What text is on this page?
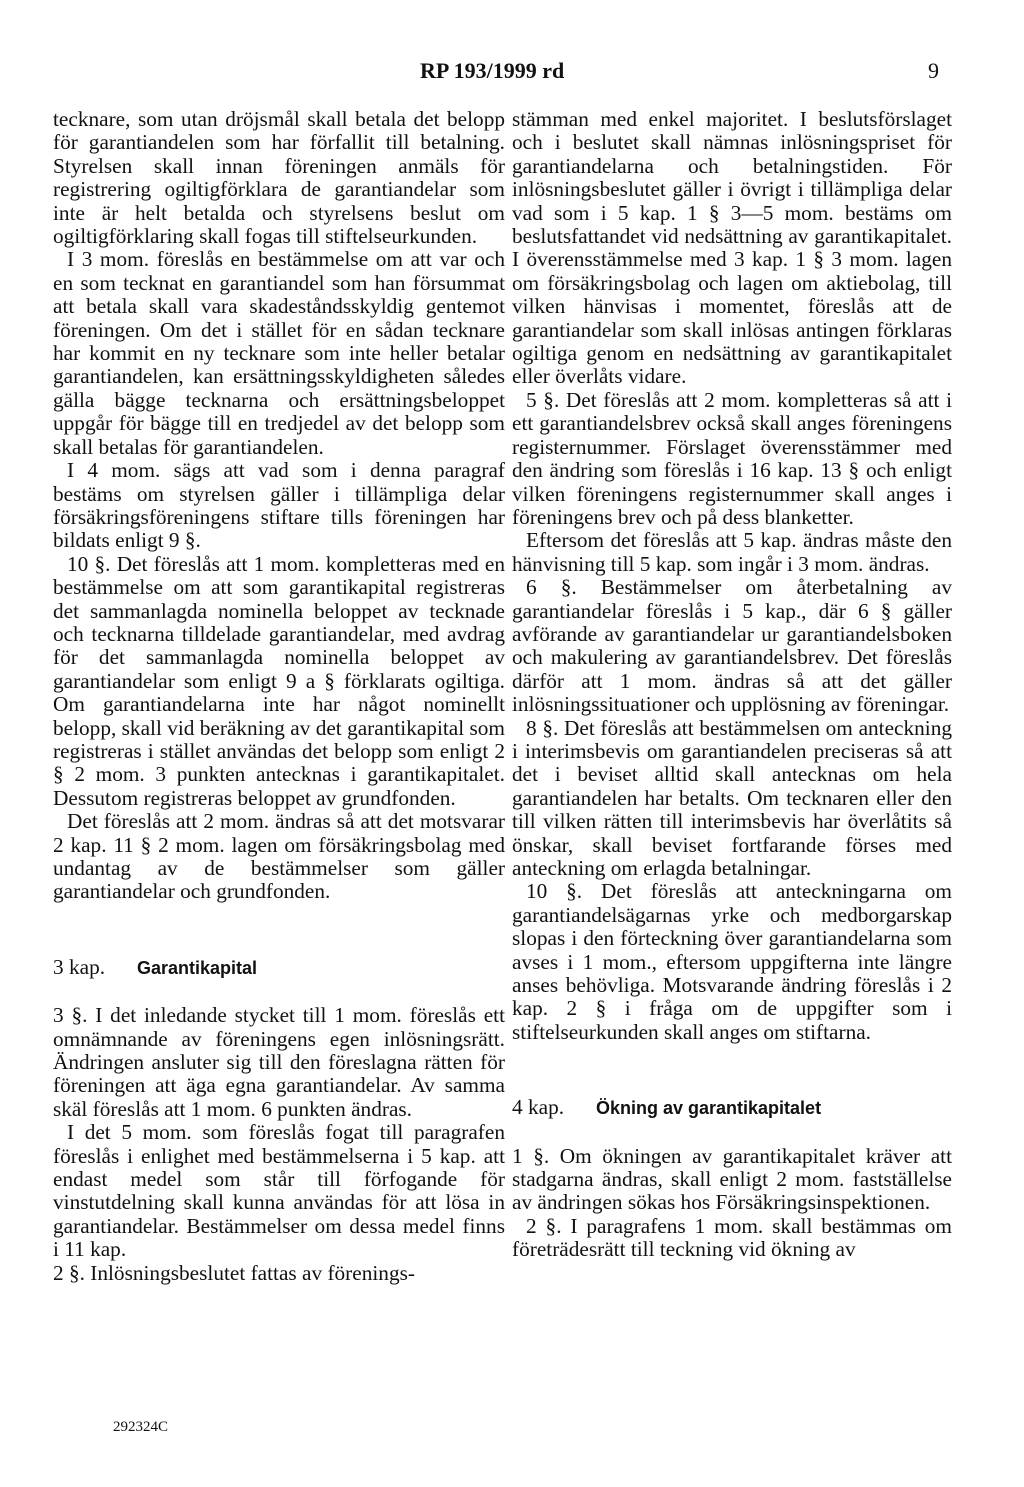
RP 193/1999 rd	9

tecknare, som utan dröjsmål skall betala det belopp för garantiandelen som har förfallit till betalning. Styrelsen skall innan föreningen anmäls för registrering ogiltigförklara de garantiandelar som inte är helt betalda och styrelsens beslut om ogiltigförklaring skall fogas till stiftelseurkunden.

I 3 mom. föreslås en bestämmelse om att var och en som tecknat en garantiandel som han försummat att betala skall vara skadeståndsskyldig gentemot föreningen. Om det i stället för en sådan tecknare har kommit en ny tecknare som inte heller betalar garantiandelen, kan ersättningsskyldigheten således gälla bägge tecknarna och ersättningsbeloppet uppgår för bägge till en tredjedel av det belopp som skall betalas för garantiandelen.

I 4 mom. sägs att vad som i denna paragraf bestäms om styrelsen gäller i tillämpliga delar försäkringsföreningens stiftare tills föreningen har bildats enligt 9 §.

10 §. Det föreslås att 1 mom. kompletteras med en bestämmelse om att som garantikapital registreras det sammanlagda nominella beloppet av tecknade och tecknarna tilldelade garantiandelar, med avdrag för det sammanlagda nominella beloppet av garantiandelar som enligt 9 a § förklarats ogiltiga. Om garantiandelarna inte har något nominellt belopp, skall vid beräkning av det garantikapital som registreras i stället användas det belopp som enligt 2 § 2 mom. 3 punkten antecknas i garantikapitalet. Dessutom registreras beloppet av grundfonden.

Det föreslås att 2 mom. ändras så att det motsvarar 2 kap. 11 § 2 mom. lagen om försäkringsbolag med undantag av de bestämmelser som gäller garantiandelar och grundfonden.

3 kap. Garantikapital

3 §. I det inledande stycket till 1 mom. föreslås ett omnämnande av föreningens egen inlösningsrätt. Ändringen ansluter sig till den föreslagna rätten för föreningen att äga egna garantiandelar. Av samma skäl föreslås att 1 mom. 6 punkten ändras.

I det 5 mom. som föreslås fogat till paragrafen föreslås i enlighet med bestämmelserna i 5 kap. att endast medel som står till förfogande för vinstutdelning skall kunna användas för att lösa in garantiandelar. Bestämmelser om dessa medel finns i 11 kap.

2 §. Inlösningsbeslutet fattas av förenings-

stämman med enkel majoritet. I beslutsförslaget och i beslutet skall nämnas inlösningspriset för garantiandelarna och betalningstiden. För inlösningsbeslutet gäller i övrigt i tillämpliga delar vad som i 5 kap. 1 § 3—5 mom. bestäms om beslutsfattandet vid nedsättning av garantikapitalet. I överensstämmelse med 3 kap. 1 § 3 mom. lagen om försäkringsbolag och lagen om aktiebolag, till vilken hänvisas i momentet, föreslås att de garantiandelar som skall inlösas antingen förklaras ogiltiga genom en nedsättning av garantikapitalet eller överlåts vidare.

5 §. Det föreslås att 2 mom. kompletteras så att i ett garantiandelsbrev också skall anges föreningens registernummer. Förslaget överensstämmer med den ändring som föreslås i 16 kap. 13 § och enligt vilken föreningens registernummer skall anges i föreningens brev och på dess blanketter.

Eftersom det föreslås att 5 kap. ändras måste den hänvisning till 5 kap. som ingår i 3 mom. ändras.

6 §. Bestämmelser om återbetalning av garantiandelar föreslås i 5 kap., där 6 § gäller avförande av garantiandelar ur garantiandelsboken och makulering av garantiandelsbrev. Det föreslås därför att 1 mom. ändras så att det gäller inlösningssituationer och upplösning av föreningar.

8 §. Det föreslås att bestämmelsen om anteckning i interimsbevis om garantiandelen preciseras så att det i beviset alltid skall antecknas om hela garantiandelen har betalts. Om tecknaren eller den till vilken rätten till interimsbevis har överlåtits så önskar, skall beviset fortfarande förses med anteckning om erlagda betalningar.

10 §. Det föreslås att anteckningarna om garantiandelsägarnas yrke och medborgarskap slopas i den förteckning över garantiandelarna som avses i 1 mom., eftersom uppgifterna inte längre anses behövliga. Motsvarande ändring föreslås i 2 kap. 2 § i fråga om de uppgifter som i stiftelseurkunden skall anges om stiftarna.

4 kap. Ökning av garantikapitalet

1 §. Om ökningen av garantikapitalet kräver att stadgarna ändras, skall enligt 2 mom. fastställelse av ändringen sökas hos Försäkringsinspektionen.

2 §. I paragrafens 1 mom. skall bestämmas om företrädesrätt till teckning vid ökning av

292324C
